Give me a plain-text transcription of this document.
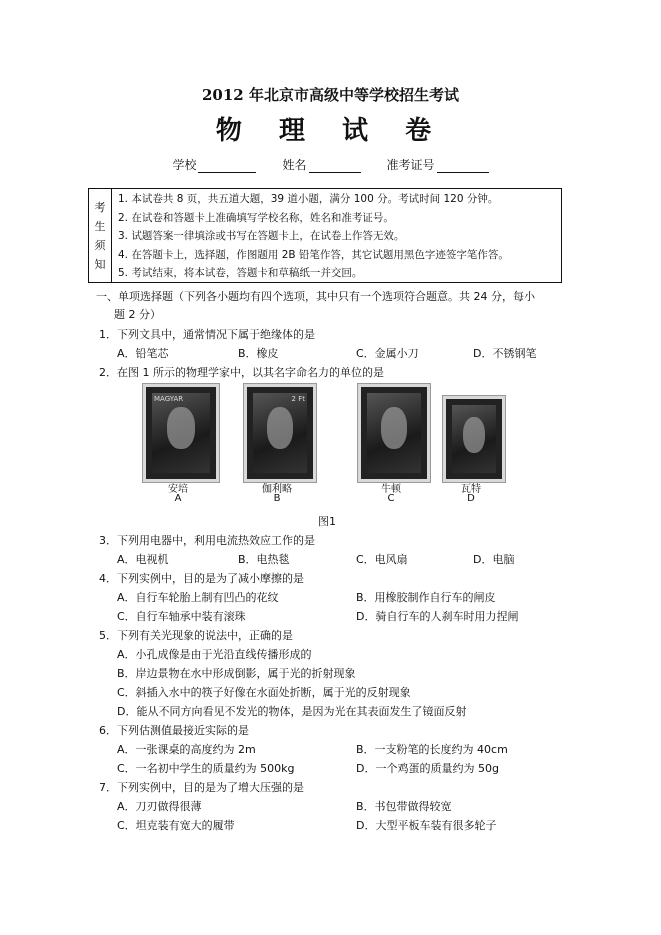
2012 年北京市高级中等学校招生考试
物 理 试 卷
学校	姓名	准考证号
考
生
须
知
1. 本试卷共 8 页，共五道大题，39 道小题，满分 100 分。考试时间 120 分钟。
2. 在试卷和答题卡上准确填写学校名称，姓名和准考证号。
3. 试题答案一律填涂或书写在答题卡上，在试卷上作答无效。
4. 在答题卡上，选择题，作图题用 2B 铅笔作答，其它试题用黑色字迹签字笔作答。
5. 考试结束，将本试卷，答题卡和草稿纸一并交回。
一、单项选择题（下列各小题均有四个选项，其中只有一个选项符合题意。共 24 分，每小
题 2 分）
1．下列文具中，通常情况下属于绝缘体的是
A．铅笔芯	B．橡皮	C．金属小刀	D．不锈钢笔
2．在图 1 所示的物理学家中，以其名字命名力的单位的是
MAGYAR	2 Ft
安培
A
伽利略
B
牛顿
C
瓦特
D
图1
3．下列用电器中，利用电流热效应工作的是
A．电视机	B．电热毯	C．电风扇	D．电脑
4．下列实例中，目的是为了减小摩擦的是
A．自行车轮胎上制有凹凸的花纹	B．用橡胶制作自行车的闸皮
C．自行车轴承中装有滚珠	D．骑自行车的人刹车时用力捏闸
5．下列有关光现象的说法中，正确的是
A．小孔成像是由于光沿直线传播形成的
B．岸边景物在水中形成倒影，属于光的折射现象
C．斜插入水中的筷子好像在水面处折断，属于光的反射现象
D．能从不同方向看见不发光的物体，是因为光在其表面发生了镜面反射
6．下列估测值最接近实际的是
A．一张课桌的高度约为 2m	B．一支粉笔的长度约为 40cm
C．一名初中学生的质量约为 500kg	D．一个鸡蛋的质量约为 50g
7．下列实例中，目的是为了增大压强的是
A．刀刃做得很薄	B．书包带做得较宽
C．坦克装有宽大的履带	D．大型平板车装有很多轮子
